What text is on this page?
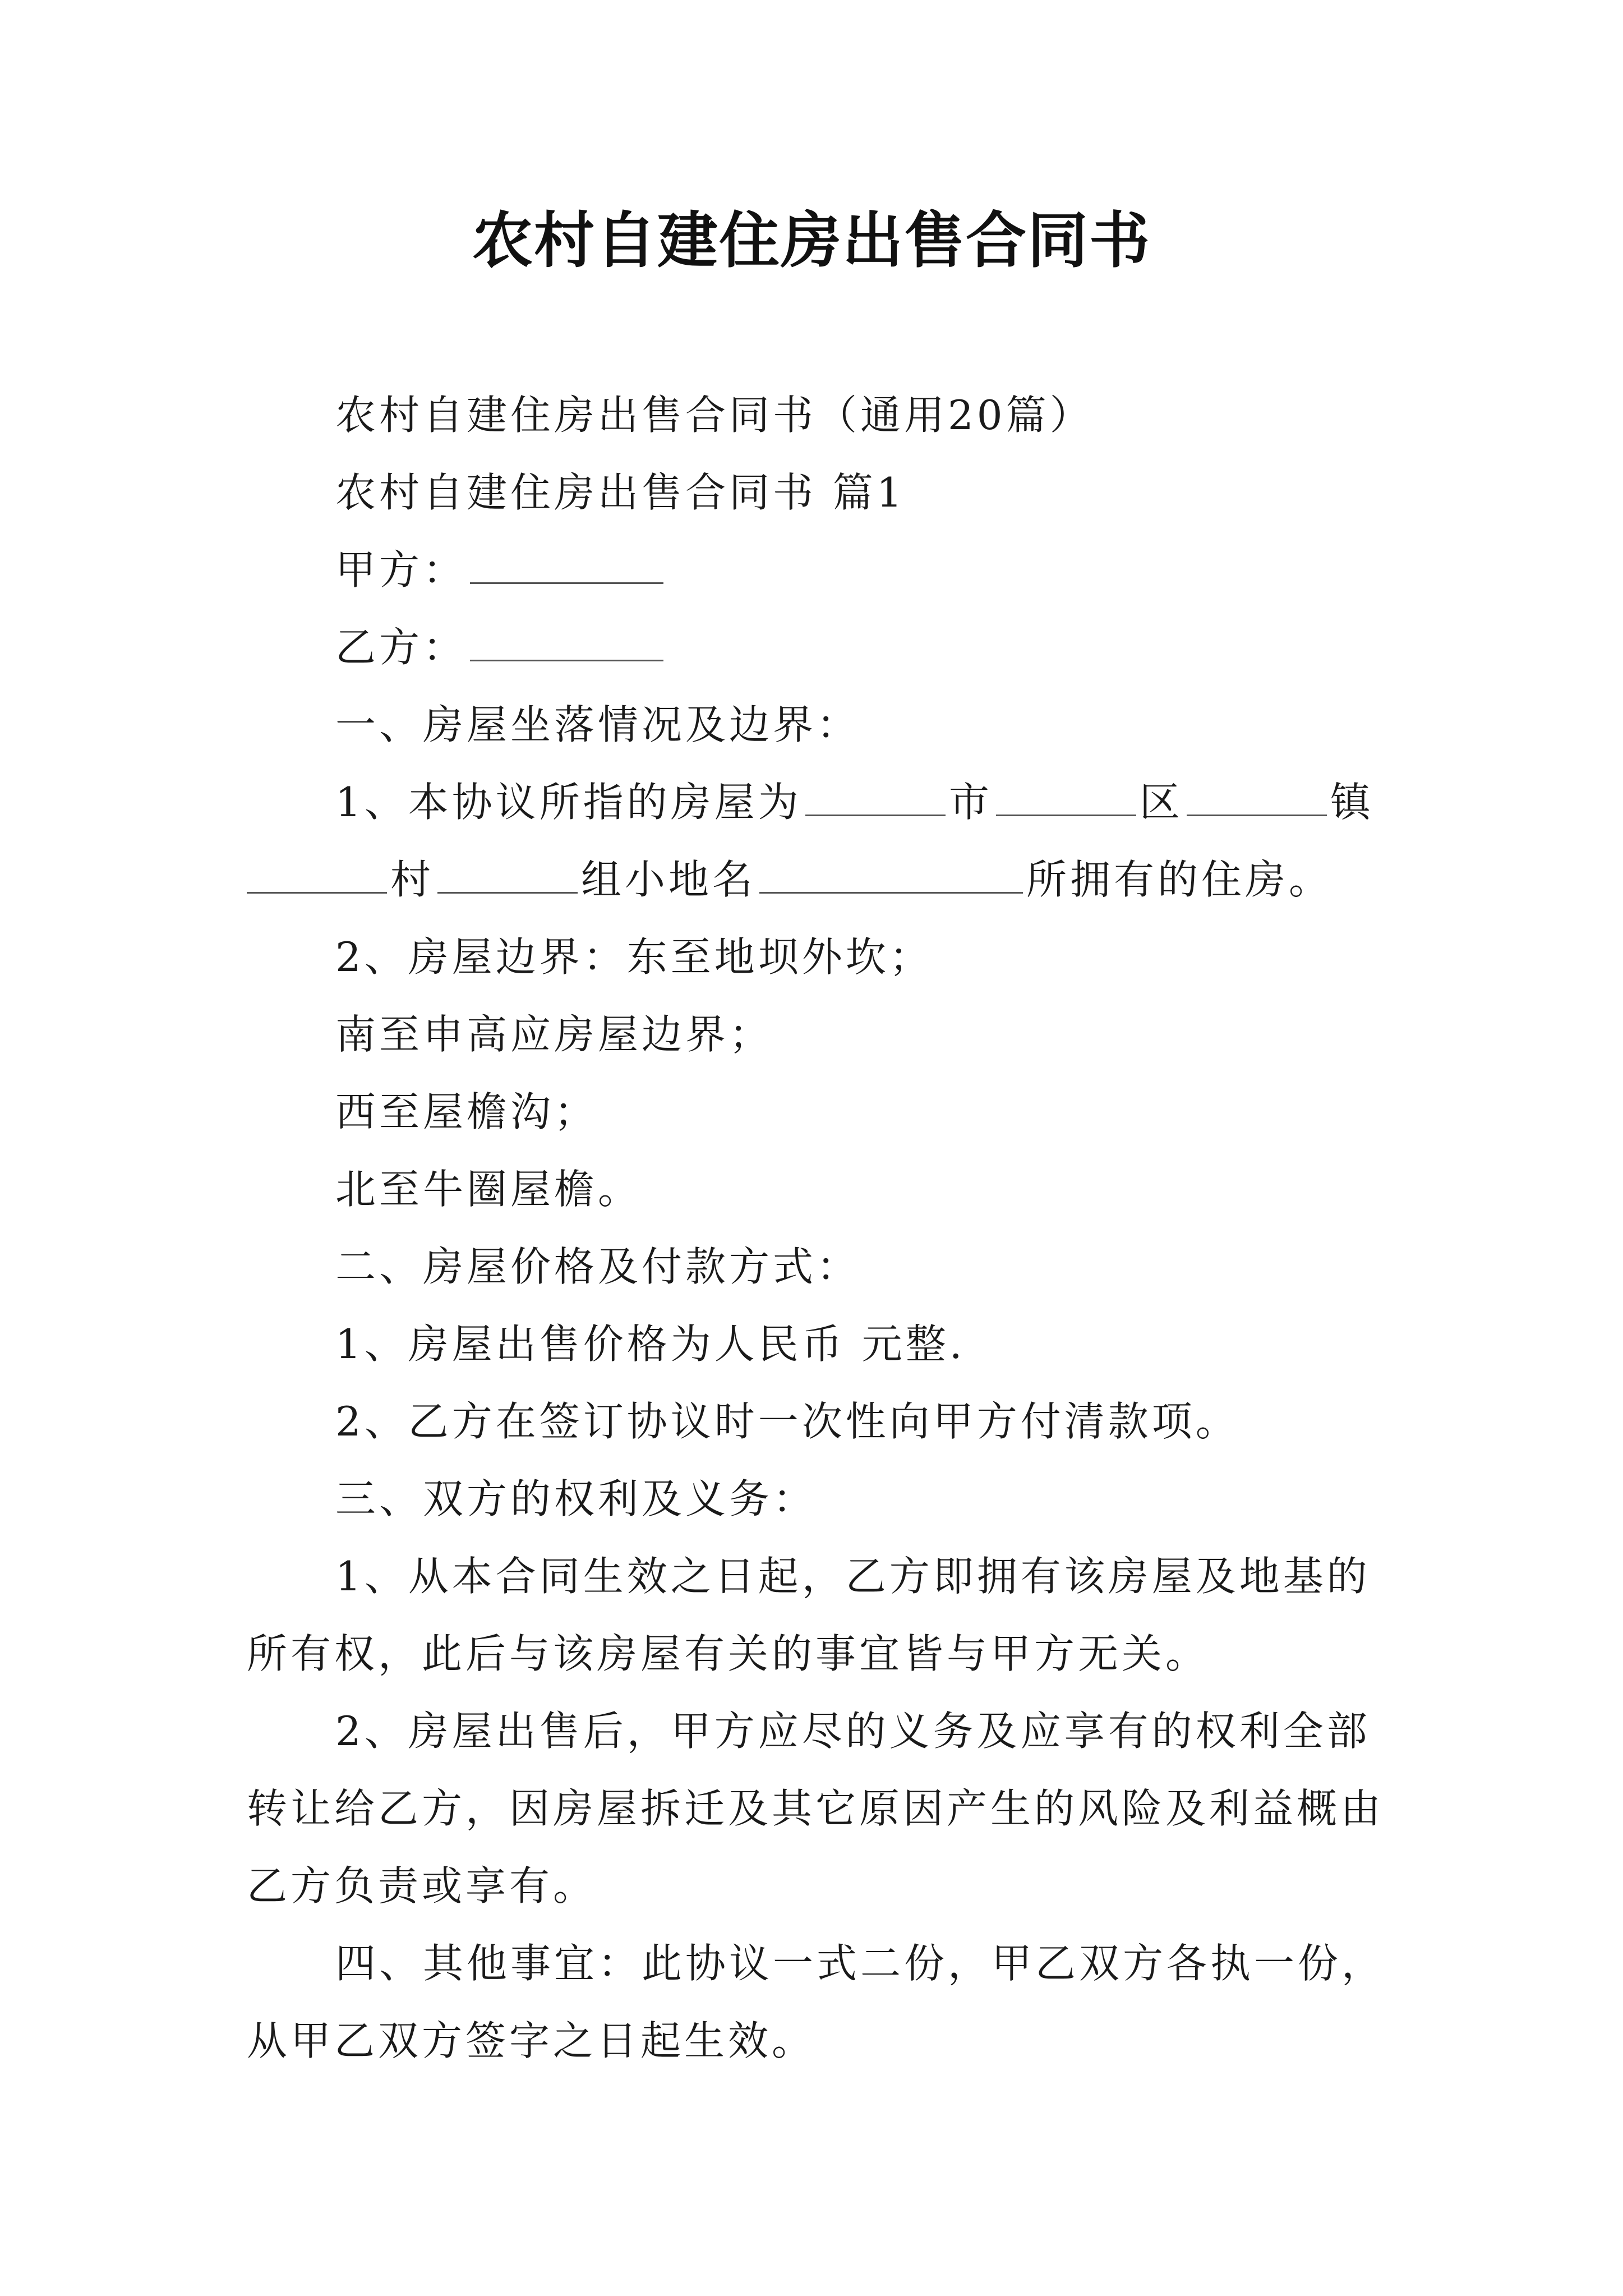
农村自建住房出售合同书
农村自建住房出售合同书（通用20篇）
农村自建住房出售合同书 篇1
甲方：
乙方：
一、房屋坐落情况及边界：
1、本协议所指的房屋为	市	区	镇
村	组小地名	所拥有的住房。
2、房屋边界：东至地坝外坎；
南至申高应房屋边界；
西至屋檐沟；
北至牛圈屋檐。
二、房屋价格及付款方式：
1、房屋出售价格为人民币 元整.
2、乙方在签订协议时一次性向甲方付清款项。
三、双方的权利及义务：
1、从本合同生效之日起，乙方即拥有该房屋及地基的
所有权，此后与该房屋有关的事宜皆与甲方无关。
2、房屋出售后，甲方应尽的义务及应享有的权利全部
转让给乙方，因房屋拆迁及其它原因产生的风险及利益概由
乙方负责或享有。
四、其他事宜：此协议一式二份，甲乙双方各执一份，
从甲乙双方签字之日起生效。
